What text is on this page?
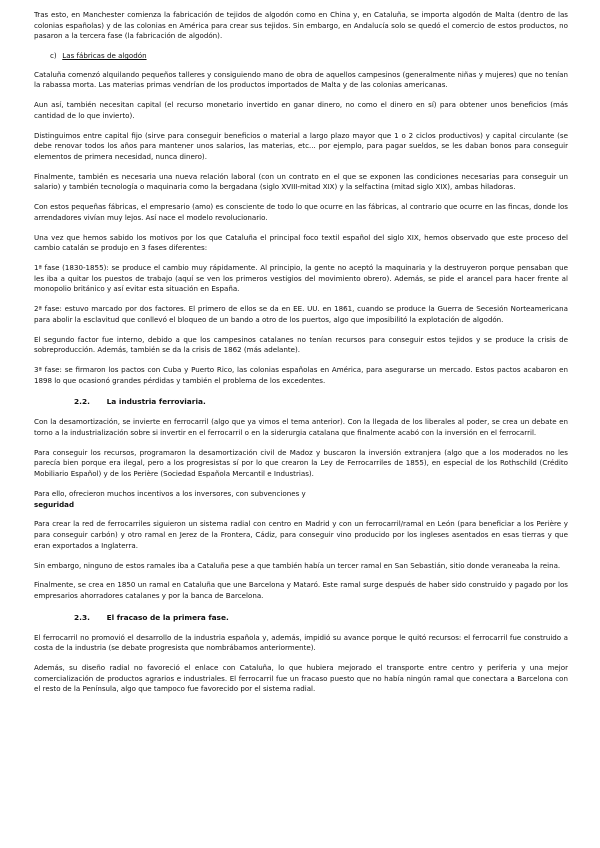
Tras esto, en Manchester comienza la fabricación de tejidos de algodón como en China y, en Cataluña, se importa algodón de Malta (dentro de las colonias españolas) y de las colonias en América para crear sus tejidos. Sin embargo, en Andalucía solo se quedó el comercio de estos productos, no pasaron a la tercera fase (la fabricación de algodón).

c) Las fábricas de algodón

Cataluña comenzó alquilando pequeños talleres y consiguiendo mano de obra de aquellos campesinos (generalmente niñas y mujeres) que no tenían la rabassa morta. Las materias primas vendrían de los productos importados de Malta y de las colonias americanas.

Aun así, también necesitan capital (el recurso monetario invertido en ganar dinero, no como el dinero en sí) para obtener unos beneficios (más cantidad de lo que invierto).

Distinguimos entre capital fijo (sirve para conseguir beneficios o material a largo plazo mayor que 1 o 2 ciclos productivos) y capital circulante (se debe renovar todos los años para mantener unos salarios, las materias, etc... por ejemplo, para pagar sueldos, se les daban bonos para conseguir elementos de primera necesidad, nunca dinero).

Finalmente, también es necesaria una nueva relación laboral (con un contrato en el que se exponen las condiciones necesarias para conseguir un salario) y también tecnología o maquinaria como la bergadana (siglo XVIII-mitad XIX) y la selfactina (mitad siglo XIX), ambas hiladoras.

Con estos pequeñas fábricas, el empresario (amo) es consciente de todo lo que ocurre en las fábricas, al contrario que ocurre en las fincas, donde los arrendadores vivían muy lejos. Así nace el modelo revolucionario.

Una vez que hemos sabido los motivos por los que Cataluña el principal foco textil español del siglo XIX, hemos observado que este proceso del cambio catalán se produjo en 3 fases diferentes:

1ª fase (1830-1855): se produce el cambio muy rápidamente. Al principio, la gente no aceptó la maquinaria y la destruyeron porque pensaban que les iba a quitar los puestos de trabajo (aquí se ven los primeros vestigios del movimiento obrero). Además, se pide el arancel para hacer frente al monopolio británico y así evitar esta situación en España.

2ª fase: estuvo marcado por dos factores. El primero de ellos se da en EE. UU. en 1861, cuando se produce la Guerra de Secesión Norteamericana para abolir la esclavitud que conllevó el bloqueo de un bando a otro de los puertos, algo que imposibilitó la explotación de algodón.

El segundo factor fue interno, debido a que los campesinos catalanes no tenían recursos para conseguir estos tejidos y se produce la crisis de sobreproducción. Además, también se da la crisis de 1862 (más adelante).

3ª fase: se firmaron los pactos con Cuba y Puerto Rico, las colonias españolas en América, para asegurarse un mercado. Estos pactos acabaron en 1898 lo que ocasionó grandes pérdidas y también el problema de los excedentes.

2.2. La industria ferroviaria.

Con la desamortización, se invierte en ferrocarril (algo que ya vimos el tema anterior). Con la llegada de los liberales al poder, se crea un debate en torno a la industrialización sobre si invertir en el ferrocarril o en la siderurgia catalana que finalmente acabó con la inversión en el ferrocarril.

Para conseguir los recursos, programaron la desamortización civil de Madoz y buscaron la inversión extranjera (algo que a los moderados no les parecía bien porque era ilegal, pero a los progresistas sí por lo que crearon la Ley de Ferrocarriles de 1855), en especial de los Rothschild (Crédito Mobiliario Español) y de los Perière (Sociedad Española Mercantil e Industrias).

Para ello, ofrecieron muchos incentivos a los inversores, con subvenciones y

seguridad

Para crear la red de ferrocarriles siguieron un sistema radial con centro en Madrid y con un ferrocarril/ramal en León (para beneficiar a los Perière y para conseguir carbón) y otro ramal en Jerez de la Frontera, Cádiz, para conseguir vino producido por los ingleses asentados en esas tierras y que eran exportados a Inglaterra.

Sin embargo, ninguno de estos ramales iba a Cataluña pese a que también había un tercer ramal en San Sebastián, sitio donde veraneaba la reina.

Finalmente, se crea en 1850 un ramal en Cataluña que une Barcelona y Mataró. Este ramal surge después de haber sido construido y pagado por los empresarios ahorradores catalanes y por la banca de Barcelona.

2.3. El fracaso de la primera fase.

El ferrocarril no promovió el desarrollo de la industria española y, además, impidió su avance porque le quitó recursos: el ferrocarril fue construido a costa de la industria (se debate progresista que nombrábamos anteriormente).

Además, su diseño radial no favoreció el enlace con Cataluña, lo que hubiera mejorado el transporte entre centro y periferia y una mejor comercialización de productos agrarios e industriales. El ferrocarril fue un fracaso puesto que no había ningún ramal que conectara a Barcelona con el resto de la Península, algo que tampoco fue favorecido por el sistema radial.
